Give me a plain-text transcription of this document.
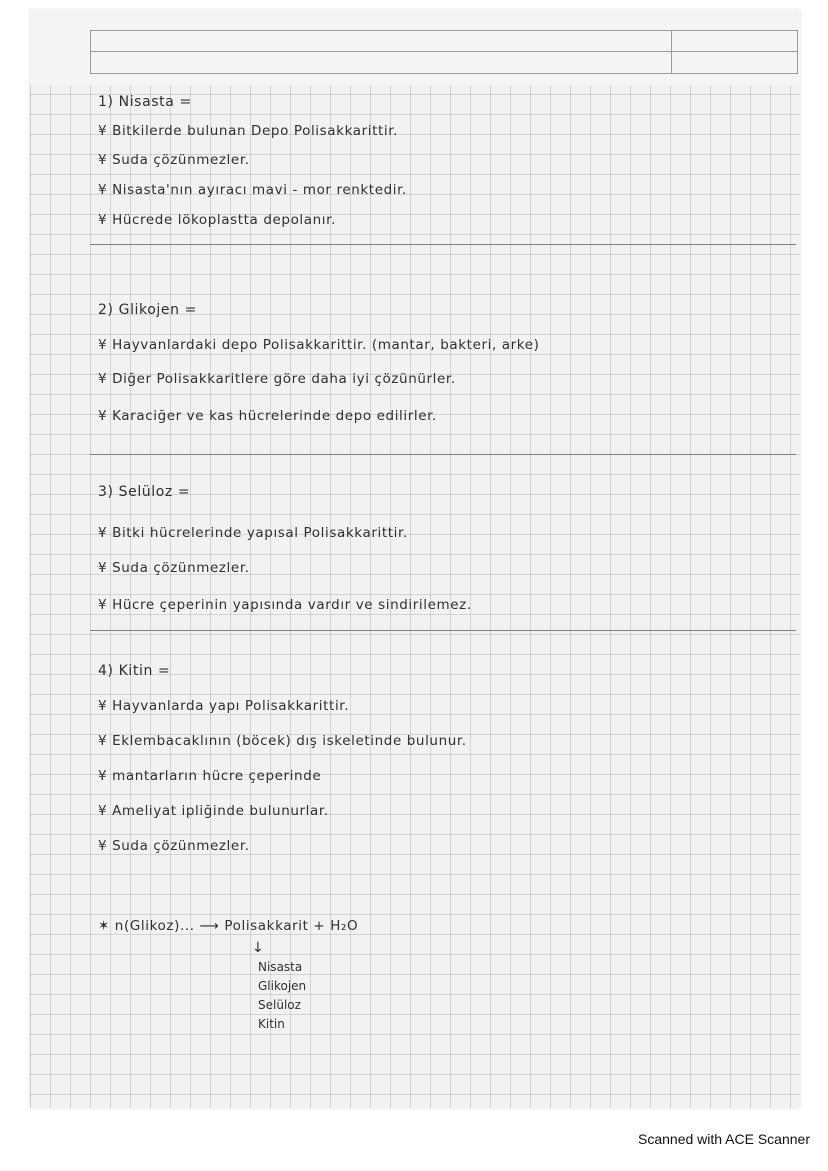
1) Nisasta =
¥ Bitkilerde bulunan Depo Polisakkarittir.
¥ Suda çözünmezler.
¥ Nisasta'nın ayıracı mavi - mor renktedir.
¥ Hücrede lökoplastta depolanır.
2) Glikojen =
¥ Hayvanlardaki depo Polisakkarittir. (mantar, bakteri, arke)
¥ Diğer Polisakkaritlere göre daha iyi çözünürler.
¥ Karaciğer ve kas hücrelerinde depo edilirler.
3) Selüloz =
¥ Bitki hücrelerinde yapısal Polisakkarittir.
¥ Suda çözünmezler.
¥ Hücre çeperinin yapısında vardır ve sindirilemez.
4) Kitin =
¥ Hayvanlarda yapı Polisakkarittir.
¥ Eklembacaklının (böcek) dış iskeletinde bulunur.
¥ mantarların hücre çeperinde
¥ Ameliyat ipliğinde bulunurlar.
¥ Suda çözünmezler.
✶ n(Glikoz)... ⟶ Polisakkarit + H₂O
↓
Nisasta
Glikojen
Selüloz
Kitin
Scanned with ACE Scanner
